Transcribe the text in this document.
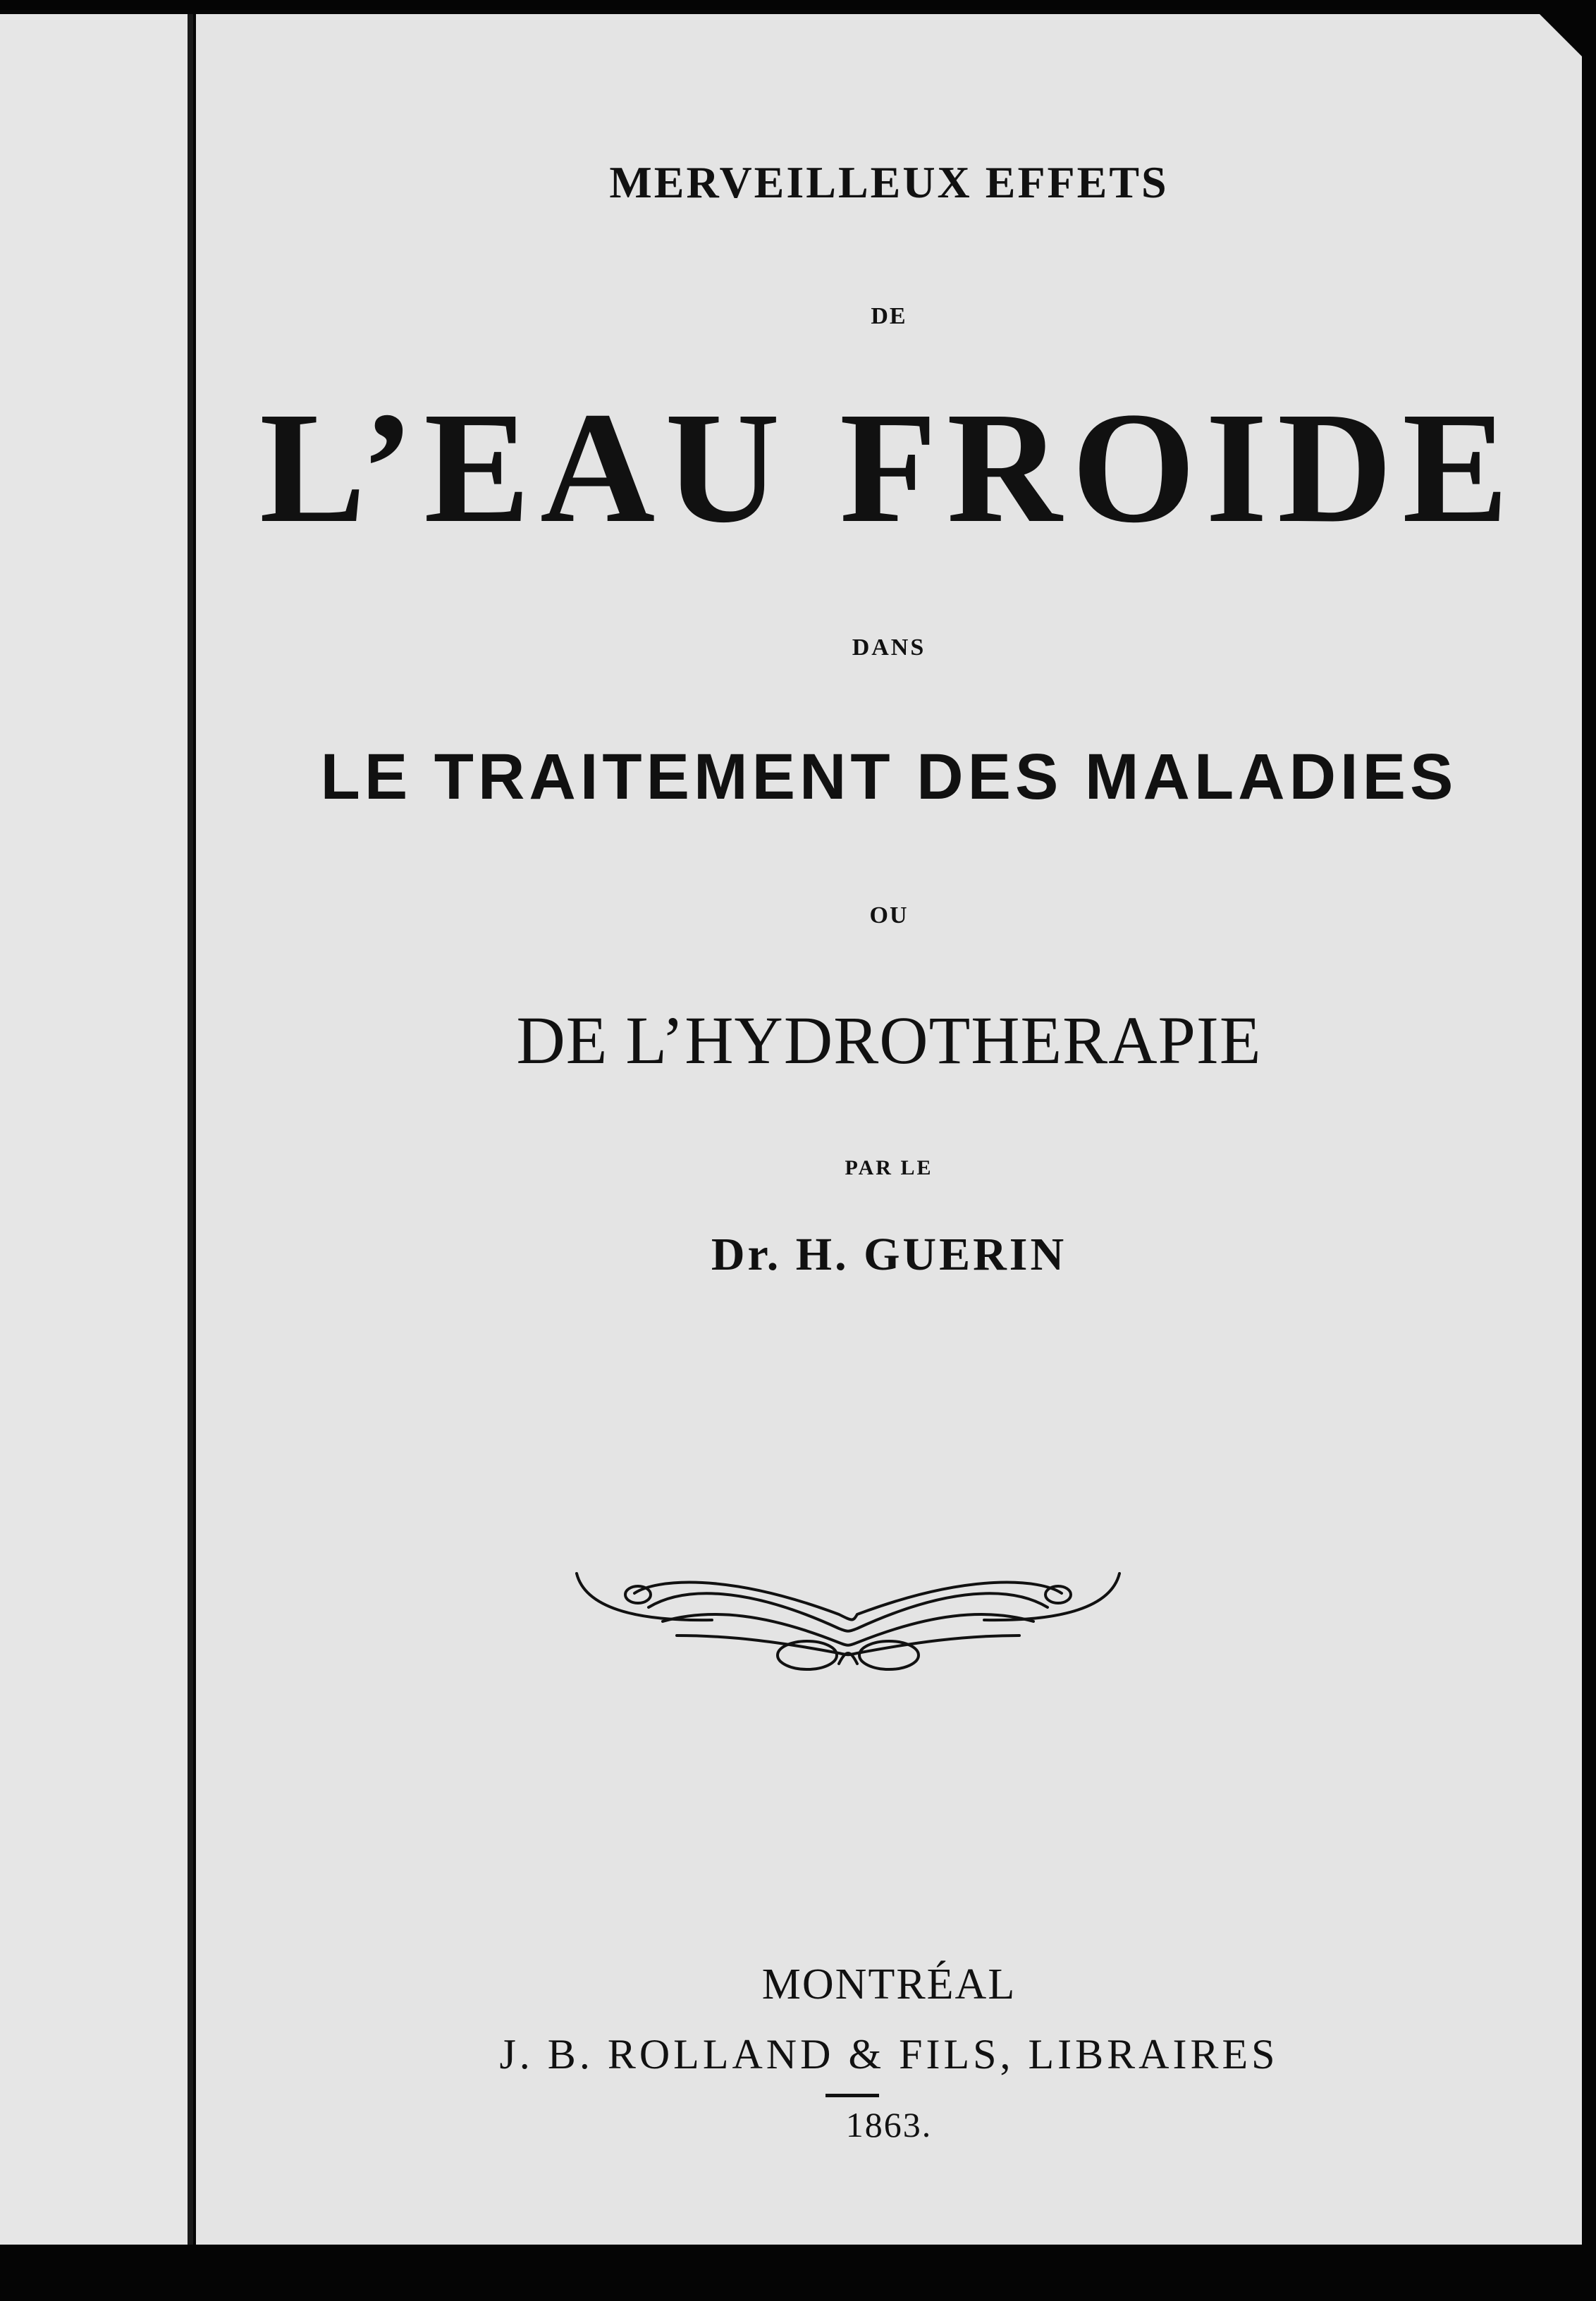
MERVEILLEUX EFFETS

DE

L’EAU FROIDE

DANS

LE TRAITEMENT DES MALADIES

OU

DE L’HYDROTHERAPIE

PAR LE

Dr. H. GUERIN

MONTRÉAL

J. B. ROLLAND & FILS, LIBRAIRES

1863.
